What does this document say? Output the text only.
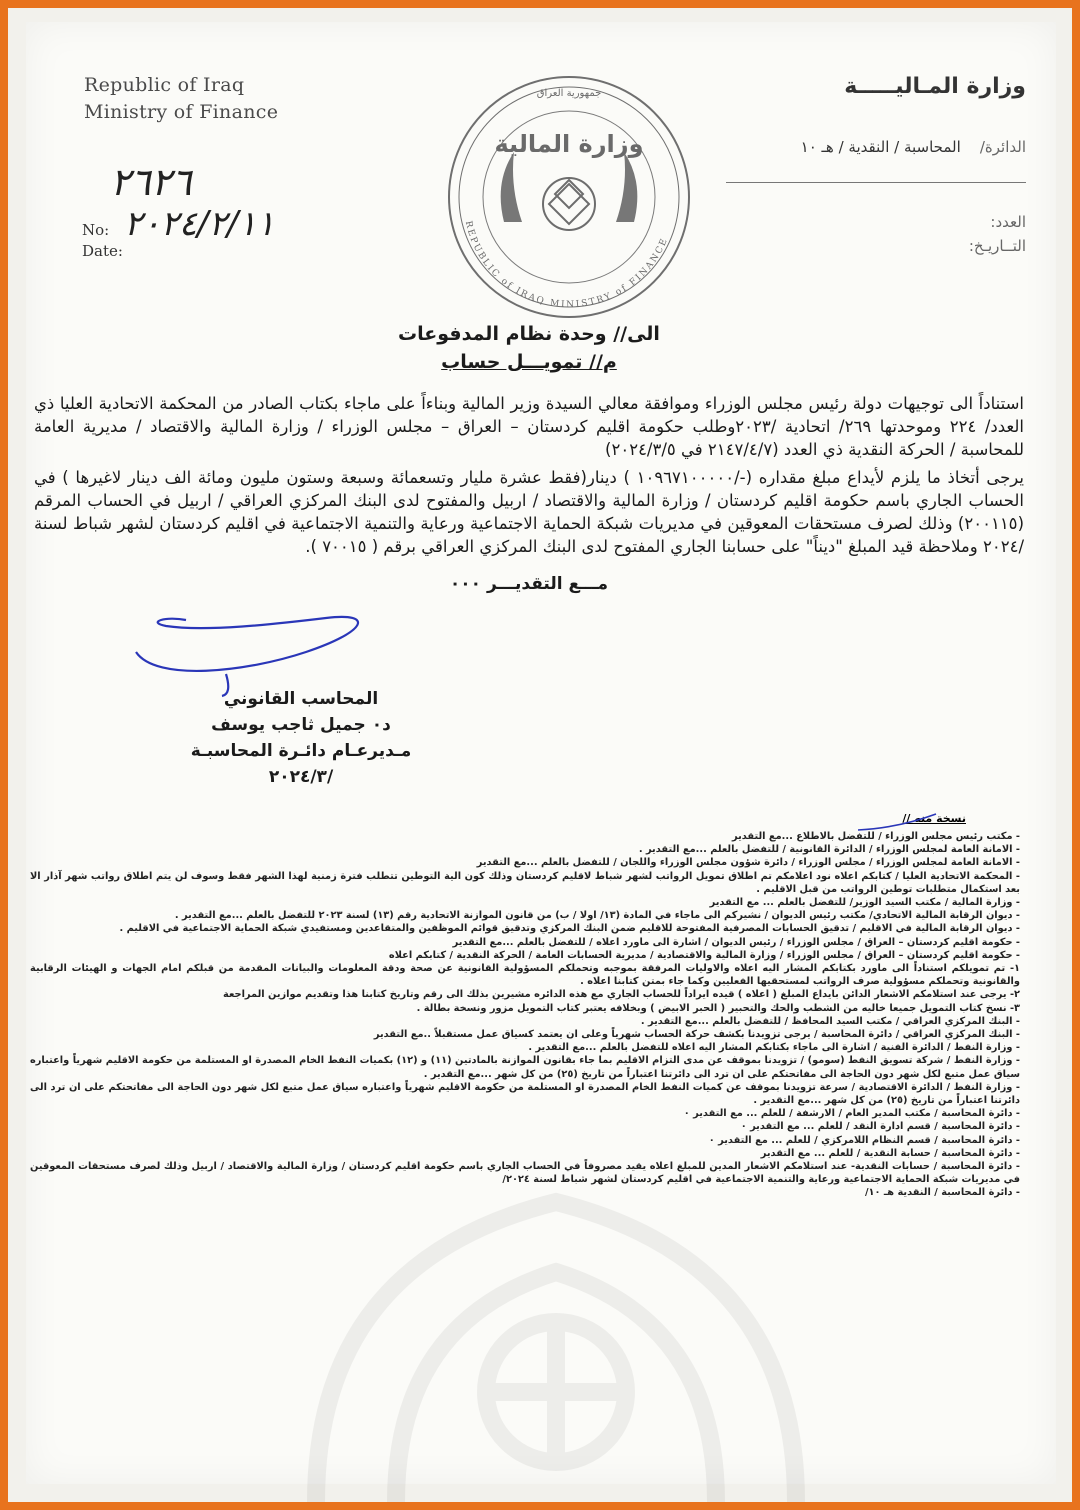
Republic of Iraq
Ministry of Finance
وزارة المـاليـــــة
الدائرة/    المحاسبة / النقدية / هـ ١٠
العدد:
التــاريـخ:
٢٦٢٦
٢٠٢٤/٢/١١
No:
Date:
وزارة المالية
جمهورية العراق
REPUBLIC of IRAQ MINISTRY of FINANCE
الى// وحدة نظام المدفوعات
م// تمويـــل حساب
استناداً الى توجيهات دولة رئيس مجلس الوزراء وموافقة معالي السيدة وزير المالية وبناءاً على ماجاء بكتاب الصادر من المحكمة الاتحادية العليا ذي العدد/ ٢٢٤ وموحدتها ٢٦٩/ اتحادية /٢٠٢٣وطلب حكومة اقليم كردستان – العراق – مجلس الوزراء / وزارة المالية والاقتصاد / مديرية العامة للمحاسبة / الحركة النقدية ذي العدد (٢١٤٧/٤/٧ في ٢٠٢٤/٣/٥)
يرجى أتخاذ ما يلزم لأيداع مبلغ مقداره (-/١٠٩٦٧١٠٠٠٠٠ ) دينار(فقط عشرة مليار وتسعمائة وسبعة وستون مليون ومائة الف دينار لاغيرها ) في الحساب الجاري باسم حكومة اقليم كردستان / وزارة المالية والاقتصاد / اربيل والمفتوح لدى البنك المركزي العراقي / اربيل في الحساب المرقم (٢٠٠١١٥) وذلك لصرف مستحقات المعوقين في مديريات شبكة الحماية الاجتماعية ورعاية والتنمية الاجتماعية في اقليم كردستان لشهر شباط لسنة /٢٠٢٤ وملاحظة قيد المبلغ "ديناً" على حسابنا الجاري المفتوح لدى البنك المركزي العراقي برقم ( ٧٠٠١٥ ).
مـــع التقديـــر ٠٠٠
المحاسب القانوني
د٠ جميل ثاجب يوسف
مـديرعـام دائـرة المحاسبـة
/٢٠٢٤/٣
نسخة منه //
- مكتب رئيس مجلس الوزراء / للتفضل بالاطلاع ...مع التقدير
- الامانة العامة لمجلس الوزراء / الدائرة القانونية / للتفضل بالعلم ...مع التقدير .
- الامانة العامة لمجلس الوزراء / مجلس الوزراء / دائرة شؤون مجلس الوزراء واللجان / للتفضل بالعلم ...مع التقدير
- المحكمة الاتحادية العليا / كتابكم اعلاه نود اعلامكم تم اطلاق تمويل الرواتب لشهر شباط لاقليم كردستان وذلك كون الية التوطين تتطلب فترة زمنية لهذا الشهر فقط وسوف لن يتم اطلاق رواتب شهر آذار الا بعد استكمال متطلبات توطين الرواتب من قبل الاقليم .
- وزارة المالية / مكتب السيد الوزير/ للتفضل بالعلم ... مع التقدير
- ديوان الرقابة المالية الاتحادي/ مكتب رئيس الديوان / نشيركم الى ماجاء في المادة (١٣/ اولا / ب) من قانون الموازنة الاتحادية رقم (١٣) لسنة ٢٠٢٣ للتفضل بالعلم ...مع التقدير .
- ديوان الرقابة المالية في الاقليم / تدقيق الحسابات المصرفية المفتوحة للاقليم ضمن البنك المركزي وتدقيق قوائم الموظفين والمتقاعدين ومستفيدي شبكة الحماية الاجتماعية في الاقليم .
- حكومة اقليم كردستان – العراق / مجلس الوزراء / رئيس الديوان / اشارة الى ماورد اعلاه / للتفضل بالعلم ...مع التقدير
- حكومة اقليم كردستان – العراق / مجلس الوزراء / وزارة المالية والاقتصادية / مديرية الحسابات العامة / الحركة النقدية / كتابكم اعلاه
١- تم تمويلكم استناداً الى ماورد بكتابكم المشار اليه اعلاه والاوليات المرفقة بموجبه وتحملكم المسؤولية القانونية عن صحة ودقة المعلومات والبيانات المقدمة من قبلكم امام الجهات و الهيئات الرقابية والقانونية وتحملكم مسؤولية صرف الرواتب لمستحقيها الفعليين وكما جاء بمتن كتابنا اعلاه .
٢- يرجى عند استلامكم الاشعار الدائن بايداع المبلغ ( اعلاه ) قيده ايراداً للحساب الجاري مع هذه الدائره مشيرين بذلك الى رقم وتاريخ كتابنا هذا وتقديم موازين المراجعة
٣- نسخ كتاب التمويل جميعا خاليه من الشطب والحك والتحبير ( الحبر الابيض ) وبخلافه يعتبر كتاب التمويل مزور ونسخة بطالة .
- البنك المركزي العراقي / مكتب السيد المحافظ / للتفضل بالعلم ...مع التقدير .
- البنك المركزي العراقي / دائرة المحاسبة / يرجى تزويدنا بكشف حركة الحساب شهرياً وعلى ان يعتمد كسياق عمل مستقبلاً ..مع التقدير
- وزارة النفط / الدائرة الفنية / اشارة الى ماجاء بكتابكم المشار اليه اعلاه للتفضل بالعلم ...مع التقدير .
- وزارة النفط / شركة تسويق النفط (سومو) / تزويدنا بموقف عن مدى التزام الاقليم بما جاء بقانون الموازنة بالمادتين (١١) و (١٢) بكميات النفط الخام المصدرة او المستلمة من حكومة الاقليم شهرياً واعتباره سياق عمل متبع لكل شهر دون الحاجة الى مفاتحتكم على ان ترد الى دائرتنا اعتباراً من تاريخ (٢٥) من كل شهر ...مع التقدير .
- وزارة النفط / الدائرة الاقتصادية / سرعة تزويدنا بموقف عن كميات النفط الخام المصدرة او المستلمة من حكومة الاقليم شهرياً واعتباره سياق عمل متبع لكل شهر دون الحاجة الى مفاتحتكم على ان ترد الى دائرتنا اعتباراً من تاريخ (٢٥) من كل شهر ...مع التقدير .
- دائرة المحاسبة / مكتب المدير العام / الارشفة / للعلم ... مع التقدير ٠
- دائرة المحاسبة / قسم ادارة النقد / للعلم ... مع التقدير ٠
- دائرة المحاسبة / قسم النظام اللامركزي / للعلم ... مع التقدير ٠
- دائرة المحاسبة / حسابة النقدية / للعلم ... مع التقدير
- دائرة المحاسبة / حسابات النقدية- عند استلامكم الاشعار المدين للمبلغ اعلاه يقيد مصروفاً في الحساب الجاري باسم حكومة اقليم كردستان / وزارة المالية والاقتصاد / اربيل وذلك لصرف مستحقات المعوقين في مديريات شبكة الحماية الاجتماعية ورعاية والتنمية الاجتماعية في اقليم كردستان لشهر شباط لسنة ٢٠٢٤/
- دائرة المحاسبة / النقدية هـ ١٠/
